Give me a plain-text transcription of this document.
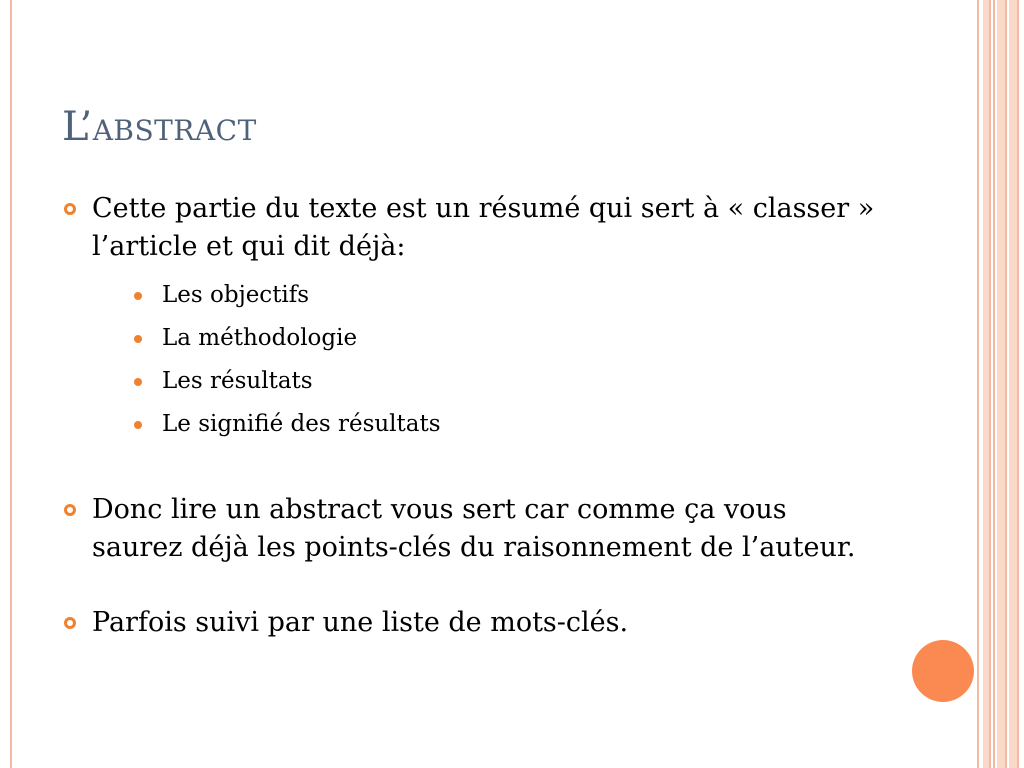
L’abstract
Cette partie du texte est un résumé qui sert à « classer » l’article et qui dit déjà:
Les objectifs
La méthodologie
Les résultats
Le signifié des résultats
Donc lire un abstract vous sert car comme ça vous saurez déjà les points-clés du raisonnement de l’auteur.
Parfois suivi par une liste de mots-clés.
